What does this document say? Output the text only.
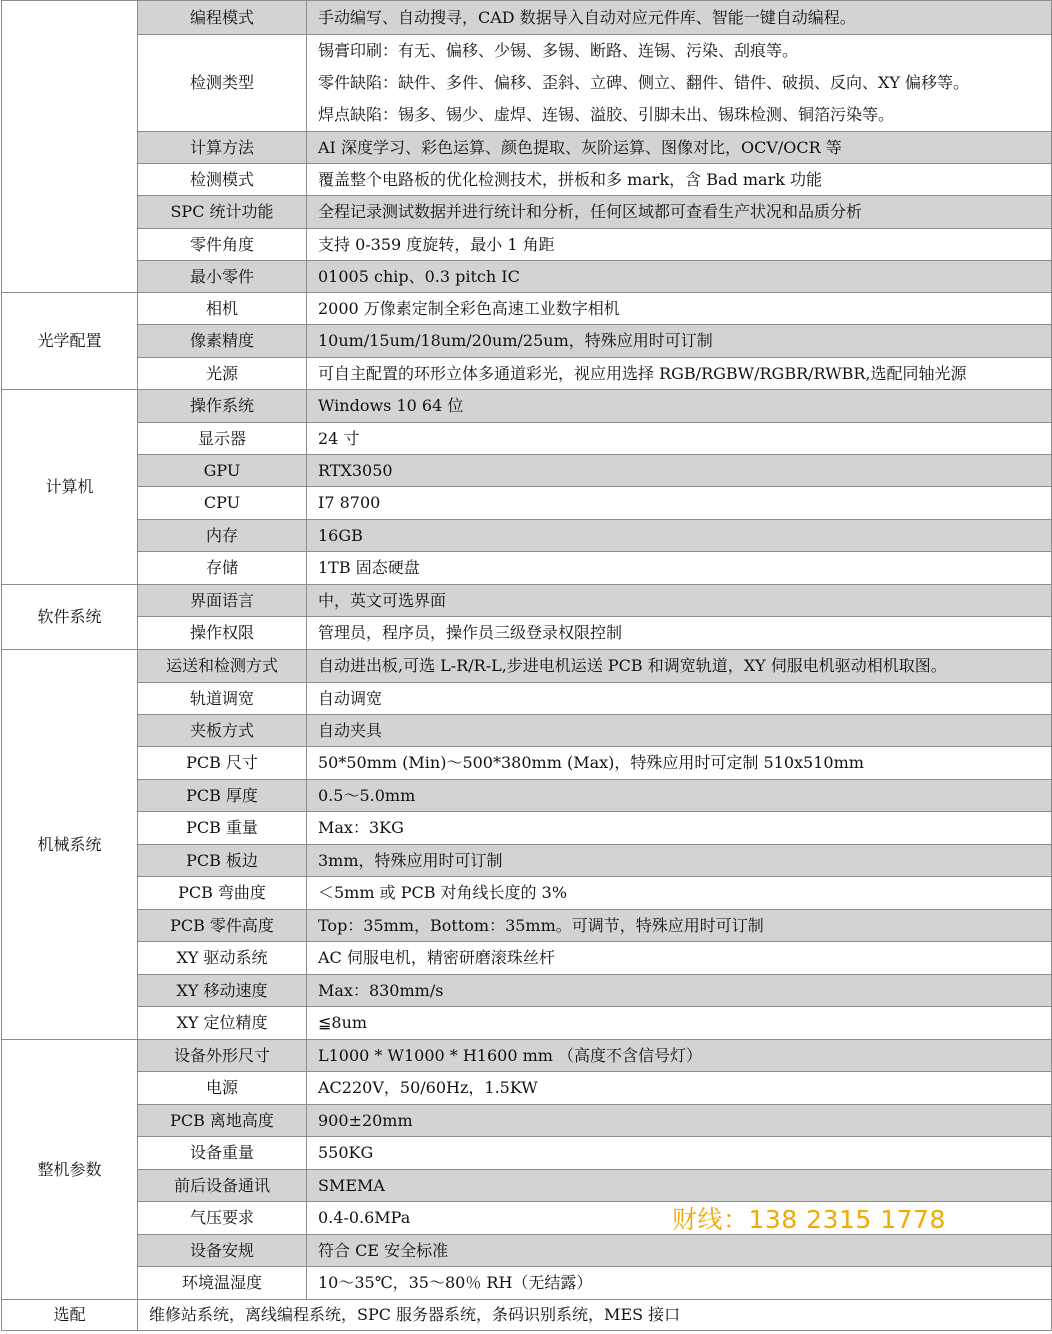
	编程模式	手动编写、自动搜寻，CAD 数据导入自动对应元件库、智能一键自动编程。
	检测类型	锡膏印刷：有无、偏移、少锡、多锡、断路、连锡、污染、刮痕等。
零件缺陷：缺件、多件、偏移、歪斜、立碑、侧立、翻件、错件、破损、反向、XY 偏移等。
焊点缺陷：锡多、锡少、虚焊、连锡、溢胶、引脚未出、锡珠检测、铜箔污染等。

	计算方法	AI 深度学习、彩色运算、颜色提取、灰阶运算、图像对比，OCV/OCR 等
	检测模式	覆盖整个电路板的优化检测技术，拼板和多 mark，含 Bad mark 功能
	SPC 统计功能	全程记录测试数据并进行统计和分析，任何区域都可查看生产状况和品质分析
	零件角度	支持 0-359 度旋转，最小 1 角距
	最小零件	01005 chip、0.3 pitch IC
光学配置	相机	2000 万像素定制全彩色高速工业数字相机
	像素精度	10um/15um/18um/20um/25um，特殊应用时可订制
	光源	可自主配置的环形立体多通道彩光，视应用选择 RGB/RGBW/RGBR/RWBR,选配同轴光源
计算机	操作系统	Windows 10 64 位
	显示器	24 寸
	GPU	RTX3050
	CPU	I7 8700
	内存	16GB
	存储	1TB 固态硬盘
软件系统	界面语言	中，英文可选界面
	操作权限	管理员，程序员，操作员三级登录权限控制
机械系统	运送和检测方式	自动进出板,可选 L-R/R-L,步进电机运送 PCB 和调宽轨道，XY 伺服电机驱动相机取图。
	轨道调宽	自动调宽
	夹板方式	自动夹具
	PCB 尺寸	50*50mm (Min)～500*380mm (Max)，特殊应用时可定制 510x510mm
	PCB 厚度	0.5～5.0mm
	PCB 重量	Max：3KG
	PCB 板边	3mm，特殊应用时可订制
	PCB 弯曲度	＜5mm 或 PCB 对角线长度的 3%
	PCB 零件高度	Top：35mm，Bottom：35mm。可调节，特殊应用时可订制
	XY 驱动系统	AC 伺服电机，精密研磨滚珠丝杆
	XY 移动速度	Max：830mm/s
	XY 定位精度	≦8um
整机参数	设备外形尺寸	L1000 * W1000 * H1600 mm （高度不含信号灯）
	电源	AC220V，50/60Hz，1.5KW
	PCB 离地高度	900±20mm
	设备重量	550KG
	前后设备通讯	SMEMA
	气压要求	0.4-0.6MPa
	设备安规	符合 CE 安全标准
	环境温湿度	10～35℃，35～80％ RH（无结露）
选配	维修站系统，离线编程系统，SPC 服务器系统，条码识别系统，MES 接口	
财线：138 2315 1778
